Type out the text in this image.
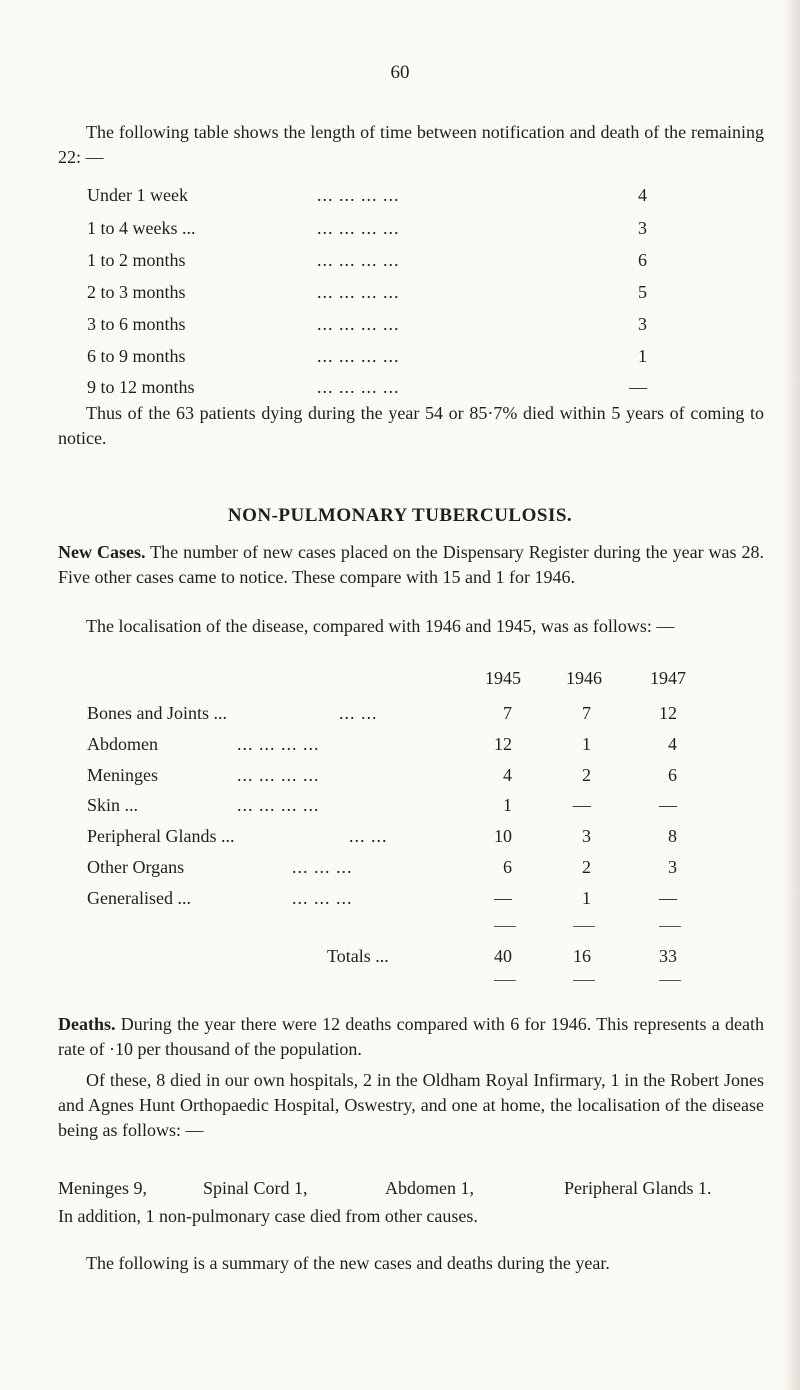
60
The following table shows the length of time between notification and death of the remaining 22: —
Under 1 week	... ... ... ...	4
1 to 4 weeks ...	... ... ... ...	3
1 to 2 months	... ... ... ...	6
2 to 3 months	... ... ... ...	5
3 to 6 months	... ... ... ...	3
6 to 9 months	... ... ... ...	1
9 to 12 months	... ... ... ...	—
Thus of the 63 patients dying during the year 54 or 85·7% died within 5 years of coming to notice.
NON-PULMONARY TUBERCULOSIS.
New Cases. The number of new cases placed on the Dispensary Register during the year was 28. Five other cases came to notice. These compare with 15 and 1 for 1946.
The localisation of the disease, compared with 1946 and 1945, was as follows: —
1945	1946	1947
Bones and Joints ...	... ...	7	7	12
Abdomen	... ... ... ...	12	1	4
Meninges	... ... ... ...	4	2	6
Skin ...	... ... ... ...	1	—	—
Peripheral Glands ...	... ...	10	3	8
Other Organs	... ... ...	6	2	3
Generalised ...	... ... ...	—	1	—
Totals ...	40	16	33
Deaths. During the year there were 12 deaths compared with 6 for 1946. This represents a death rate of ·10 per thousand of the population.
Of these, 8 died in our own hospitals, 2 in the Oldham Royal Infirmary, 1 in the Robert Jones and Agnes Hunt Orthopaedic Hospital, Oswestry, and one at home, the localisation of the disease being as follows: —
Meninges 9,	Spinal Cord 1,	Abdomen 1,	Peripheral Glands 1.
In addition, 1 non-pulmonary case died from other causes.
The following is a summary of the new cases and deaths during the year.
